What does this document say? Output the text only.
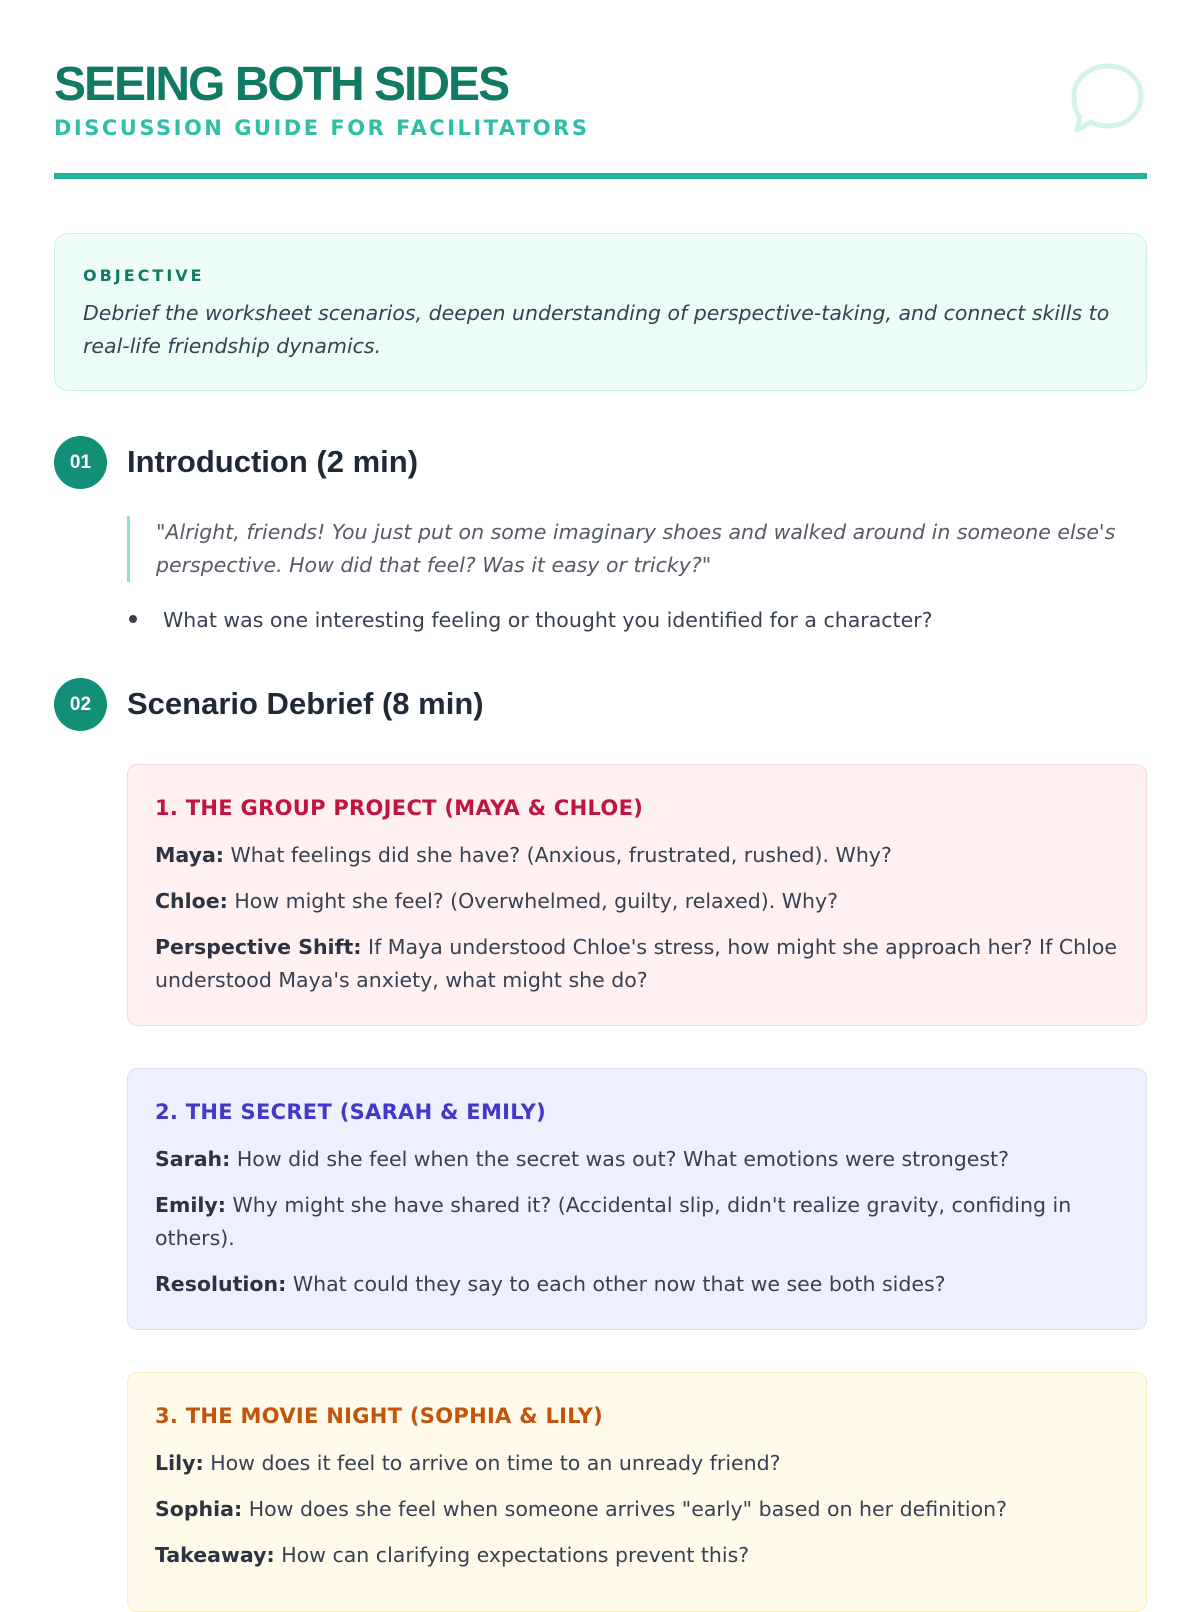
SEEING BOTH SIDES

DISCUSSION GUIDE FOR FACILITATORS

OBJECTIVE

Debrief the worksheet scenarios, deepen understanding of perspective-taking, and connect skills to real-life friendship dynamics.

01	Introduction (2 min)
"Alright, friends! You just put on some imaginary shoes and walked around in someone else's perspective. How did that feel? Was it easy or tricky?"
What was one interesting feeling or thought you identified for a character?
02	Scenario Debrief (8 min)

1. THE GROUP PROJECT (MAYA & CHLOE)

Maya: What feelings did she have? (Anxious, frustrated, rushed). Why?

Chloe: How might she feel? (Overwhelmed, guilty, relaxed). Why?

Perspective Shift: If Maya understood Chloe's stress, how might she approach her? If Chloe understood Maya's anxiety, what might she do?

2. THE SECRET (SARAH & EMILY)

Sarah: How did she feel when the secret was out? What emotions were strongest?

Emily: Why might she have shared it? (Accidental slip, didn't realize gravity, confiding in others).

Resolution: What could they say to each other now that we see both sides?

3. THE MOVIE NIGHT (SOPHIA & LILY)

Lily: How does it feel to arrive on time to an unready friend?

Sophia: How does she feel when someone arrives "early" based on her definition?

Takeaway: How can clarifying expectations prevent this?
